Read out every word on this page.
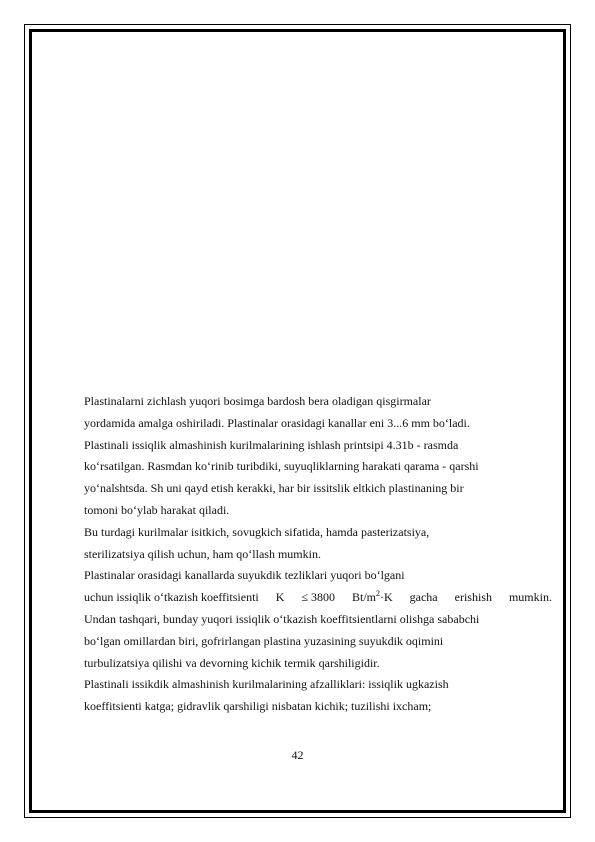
Plastinalarni zichlash yuqori bosimga bardosh bera oladigan qisgirmalar
yordamida amalga oshiriladi. Plastinalar orasidagi kanallar eni 3...6 mm bo‘ladi.
Plastinali issiqlik almashinish kurilmalarining ishlash printsipi 4.31b - rasmda
ko‘rsatilgan. Rasmdan ko‘rinib turibdiki, suyuqliklarning harakati qarama - qarshi
yo‘nalshtsda. Sh uni qayd etish kerakki, har bir issitslik eltkich plastinaning bir
tomoni bo‘ylab harakat qiladi.
Bu turdagi kurilmalar isitkich, sovugkich sifatida, hamda pasterizatsiya,
sterilizatsiya qilish uchun, ham qo‘llash mumkin.
Plastinalar orasidagi kanallarda suyukdik tezliklari yuqori bo‘lgani
uchun issiqlik o‘tkazish koeffitsienti K ≤ 3800 $Bt/m^2\cdot K$ gacha erishish mumkin.
Undan tashqari, bunday yuqori issiqlik o‘tkazish koeffitsientlarni olishga sababchi
bo‘lgan omillardan biri, gofrirlangan plastina yuzasining suyukdik oqimini
turbulizatsiya qilishi va devorning kichik termik qarshiligidir.
Plastinali issikdik almashinish kurilmalarining afzalliklari: issiqlik ugkazish
koeffitsienti katga; gidravlik qarshiligi nisbatan kichik; tuzilishi ixcham;
42
